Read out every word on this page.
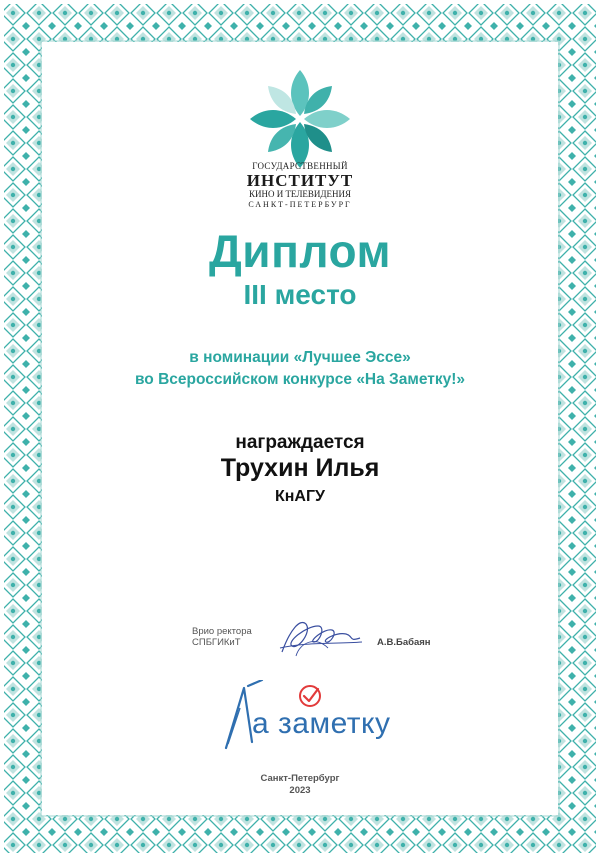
ГОСУДАРСТВЕННЫЙ
ИНСТИТУТ
КИНО И ТЕЛЕВИДЕНИЯ
САНКТ-ПЕТЕРБУРГ
Диплом
III место
в номинации «Лучшее Эссе»
во Всероссийском конкурсе «На Заметку!»
награждается
Трухин Илья
КнАГУ
Врио ректора
СПБГИКиТ	А.В.Бабаян
а заметку
Санкт-Петербург
2023
